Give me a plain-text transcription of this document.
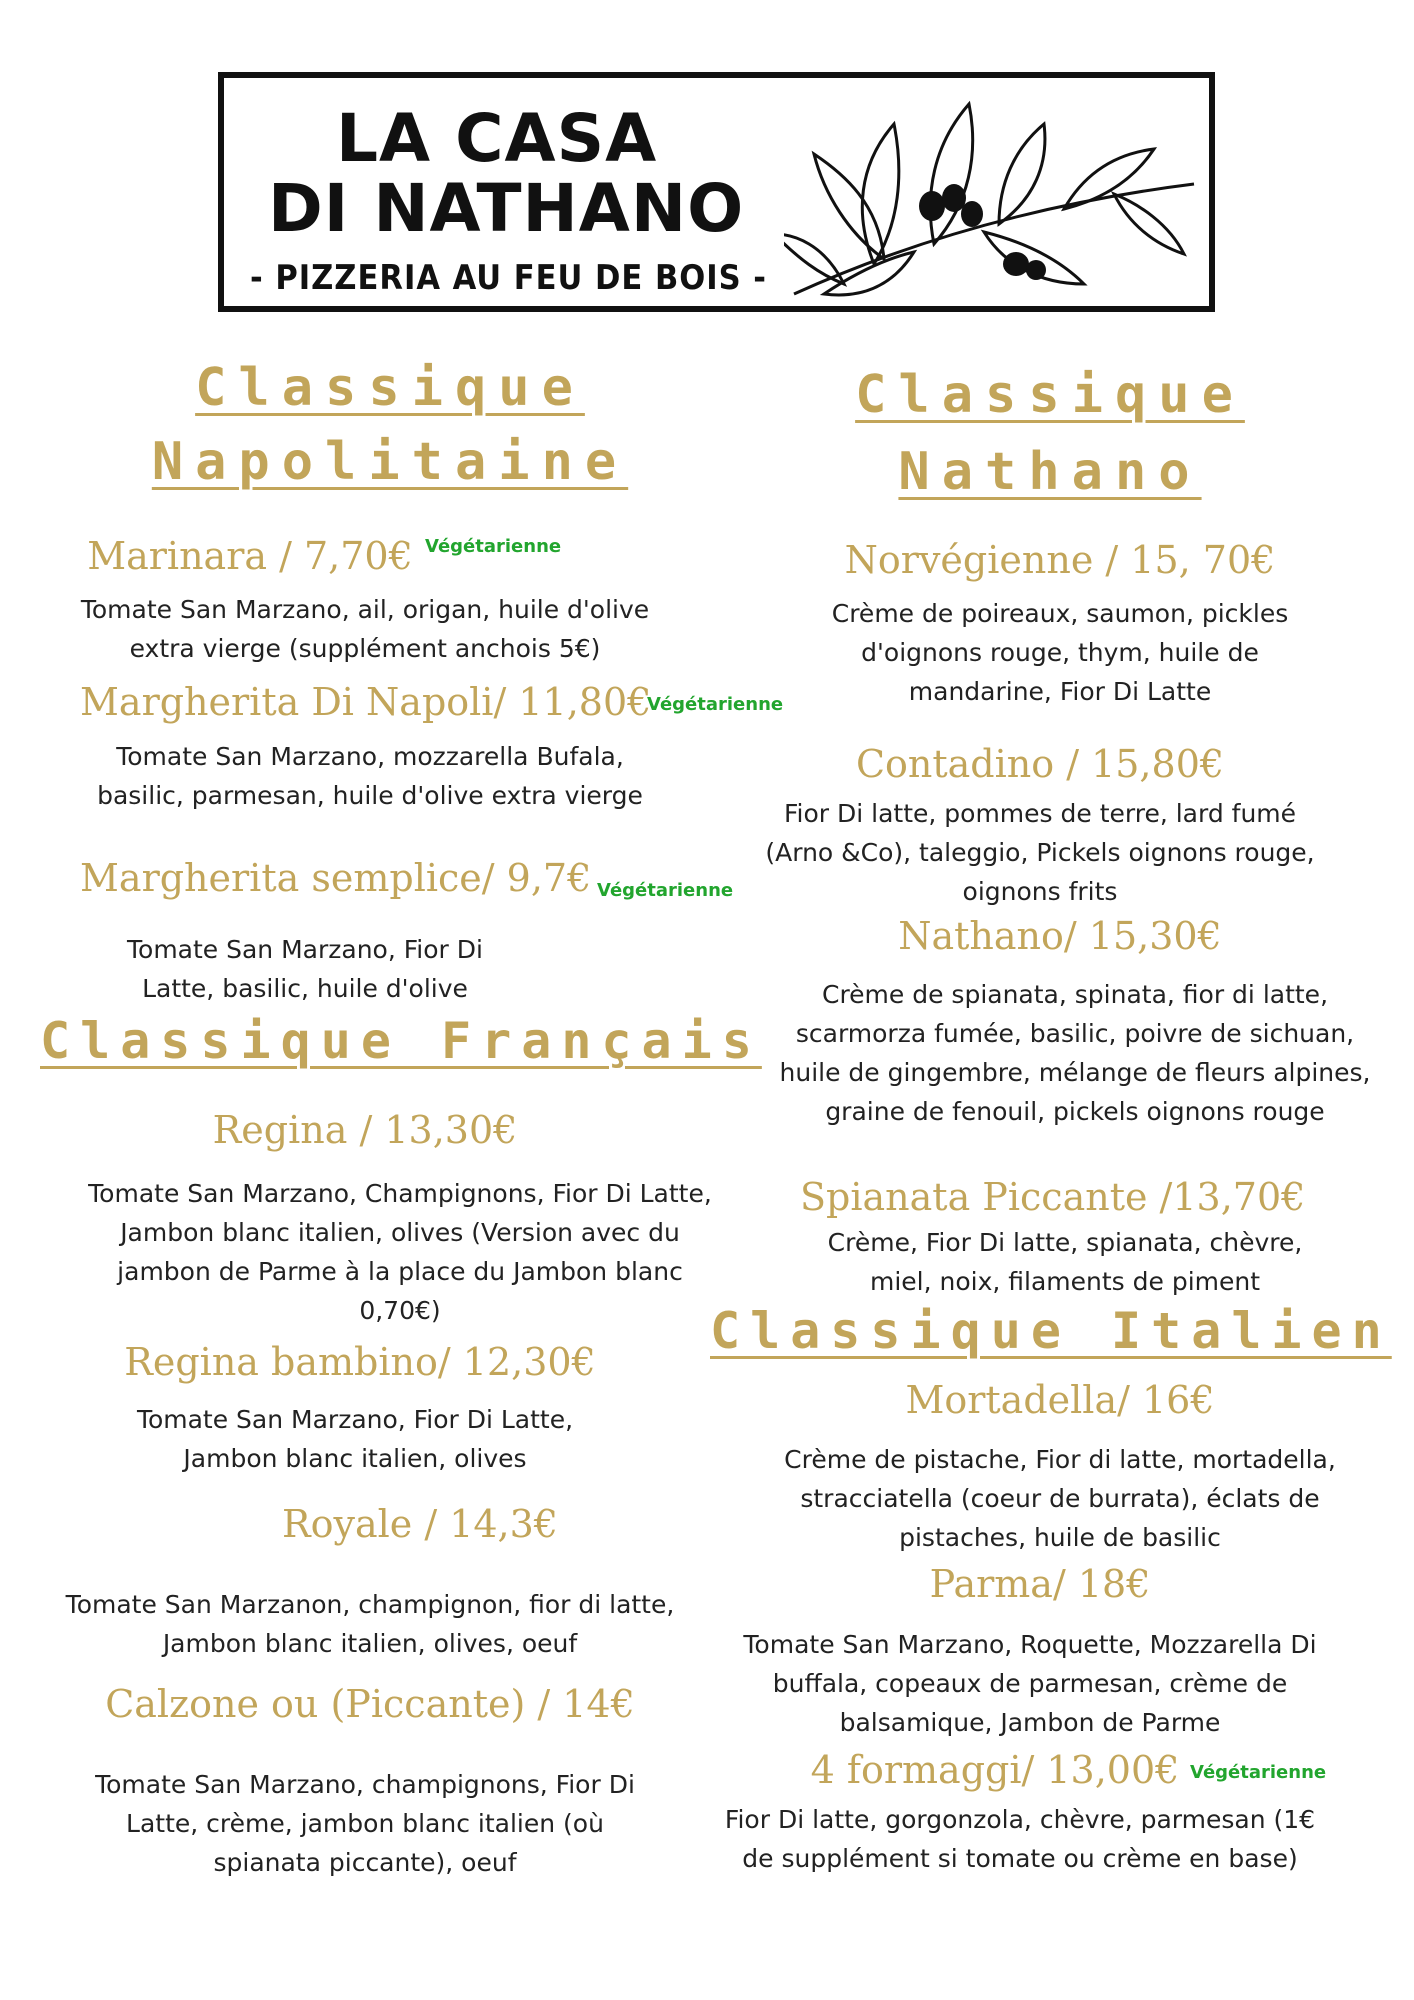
LA CASA
DI NATHANO
- PIZZERIA AU FEU DE BOIS -
Classique
Napolitaine
Marinara / 7,70€ Végétarienne
Tomate San Marzano, ail, origan, huile d'olive extra vierge (supplément anchois 5€)
Margherita Di Napoli/ 11,80€
Végétarienne
Tomate San Marzano, mozzarella Bufala, basilic, parmesan, huile d'olive extra vierge
Margherita semplice/ 9,7€ Végétarienne
Tomate San Marzano, Fior Di Latte, basilic, huile d'olive
Classique Français
Regina / 13,30€
Tomate San Marzano, Champignons, Fior Di Latte, Jambon blanc italien, olives (Version avec du jambon de Parme à la place du Jambon blanc 0,70€)
Regina bambino/ 12,30€
Tomate San Marzano, Fior Di Latte, Jambon blanc italien, olives
Royale / 14,3€
Tomate San Marzanon, champignon, fior di latte, Jambon blanc italien, olives, oeuf
Calzone ou (Piccante) / 14€
Tomate San Marzano, champignons, Fior Di Latte, crème, jambon blanc italien (où spianata piccante), oeuf
Classique
Nathano
Norvégienne / 15, 70€
Crème de poireaux, saumon, pickles d'oignons rouge, thym, huile de mandarine, Fior Di Latte
Contadino / 15,80€
Fior Di latte, pommes de terre, lard fumé (Arno &Co), taleggio, Pickels oignons rouge, oignons frits
Nathano/ 15,30€
Crème de spianata, spinata, fior di latte, scarmorza fumée, basilic, poivre de sichuan, huile de gingembre, mélange de fleurs alpines, graine de fenouil, pickels oignons rouge
Spianata Piccante /13,70€
Crème, Fior Di latte, spianata, chèvre, miel, noix, filaments de piment
Classique Italien
Mortadella/ 16€
Crème de pistache, Fior di latte, mortadella, stracciatella (coeur de burrata), éclats de pistaches, huile de basilic
Parma/ 18€
Tomate San Marzano, Roquette, Mozzarella Di buffala, copeaux de parmesan, crème de balsamique, Jambon de Parme
4 formaggi/ 13,00€ Végétarienne
Fior Di latte, gorgonzola, chèvre, parmesan (1€ de supplément si tomate ou crème en base)
